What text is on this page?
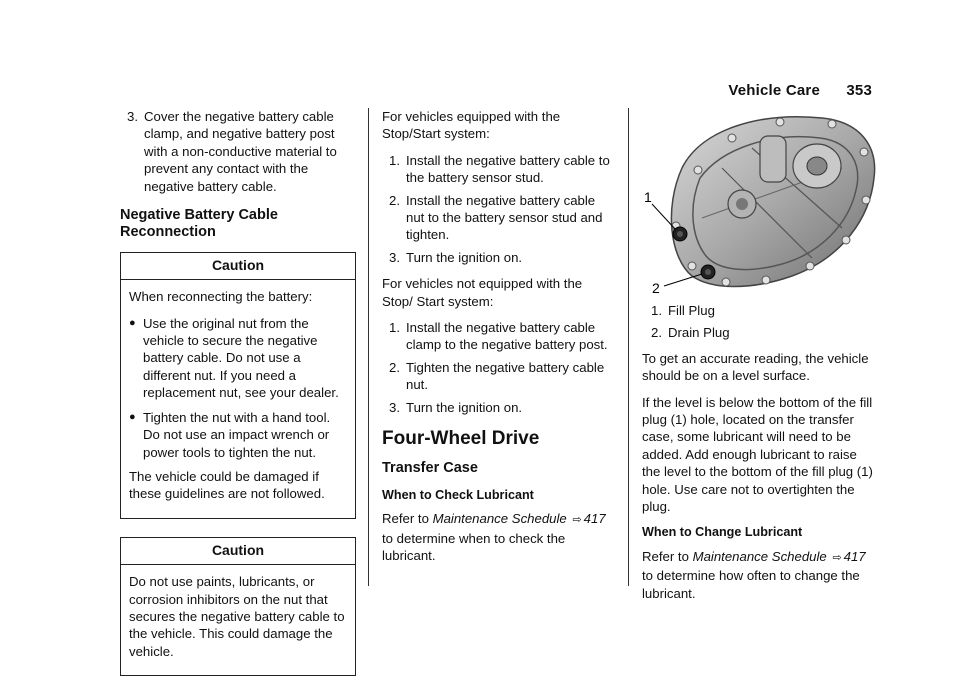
Vehicle Care 353
3. Cover the negative battery cable clamp, and negative battery post with a non-conductive material to prevent any contact with the negative battery cable.
Negative Battery Cable Reconnection
Caution

When reconnecting the battery:

● Use the original nut from the vehicle to secure the negative battery cable. Do not use a different nut. If you need a replacement nut, see your dealer.
● Tighten the nut with a hand tool. Do not use an impact wrench or power tools to tighten the nut.

The vehicle could be damaged if these guidelines are not followed.

Caution

Do not use paints, lubricants, or corrosion inhibitors on the nut that secures the negative battery cable to the vehicle. This could damage the vehicle.

For vehicles equipped with the Stop/Start system:

1. Install the negative battery cable to the battery sensor stud.
2. Install the negative battery cable nut to the battery sensor stud and tighten.
3. Turn the ignition on.

For vehicles not equipped with the Stop/ Start system:

1. Install the negative battery cable clamp to the negative battery post.
2. Tighten the negative battery cable nut.
3. Turn the ignition on.
Four-Wheel Drive
Transfer Case
When to Check Lubricant

Refer to Maintenance Schedule ⇨ 417 to determine when to check the lubricant.

1
2
1. Fill Plug
2. Drain Plug

To get an accurate reading, the vehicle should be on a level surface.

If the level is below the bottom of the fill plug (1) hole, located on the transfer case, some lubricant will need to be added. Add enough lubricant to raise the level to the bottom of the fill plug (1) hole. Use care not to overtighten the plug.

When to Change Lubricant

Refer to Maintenance Schedule ⇨ 417 to determine how often to change the lubricant.
